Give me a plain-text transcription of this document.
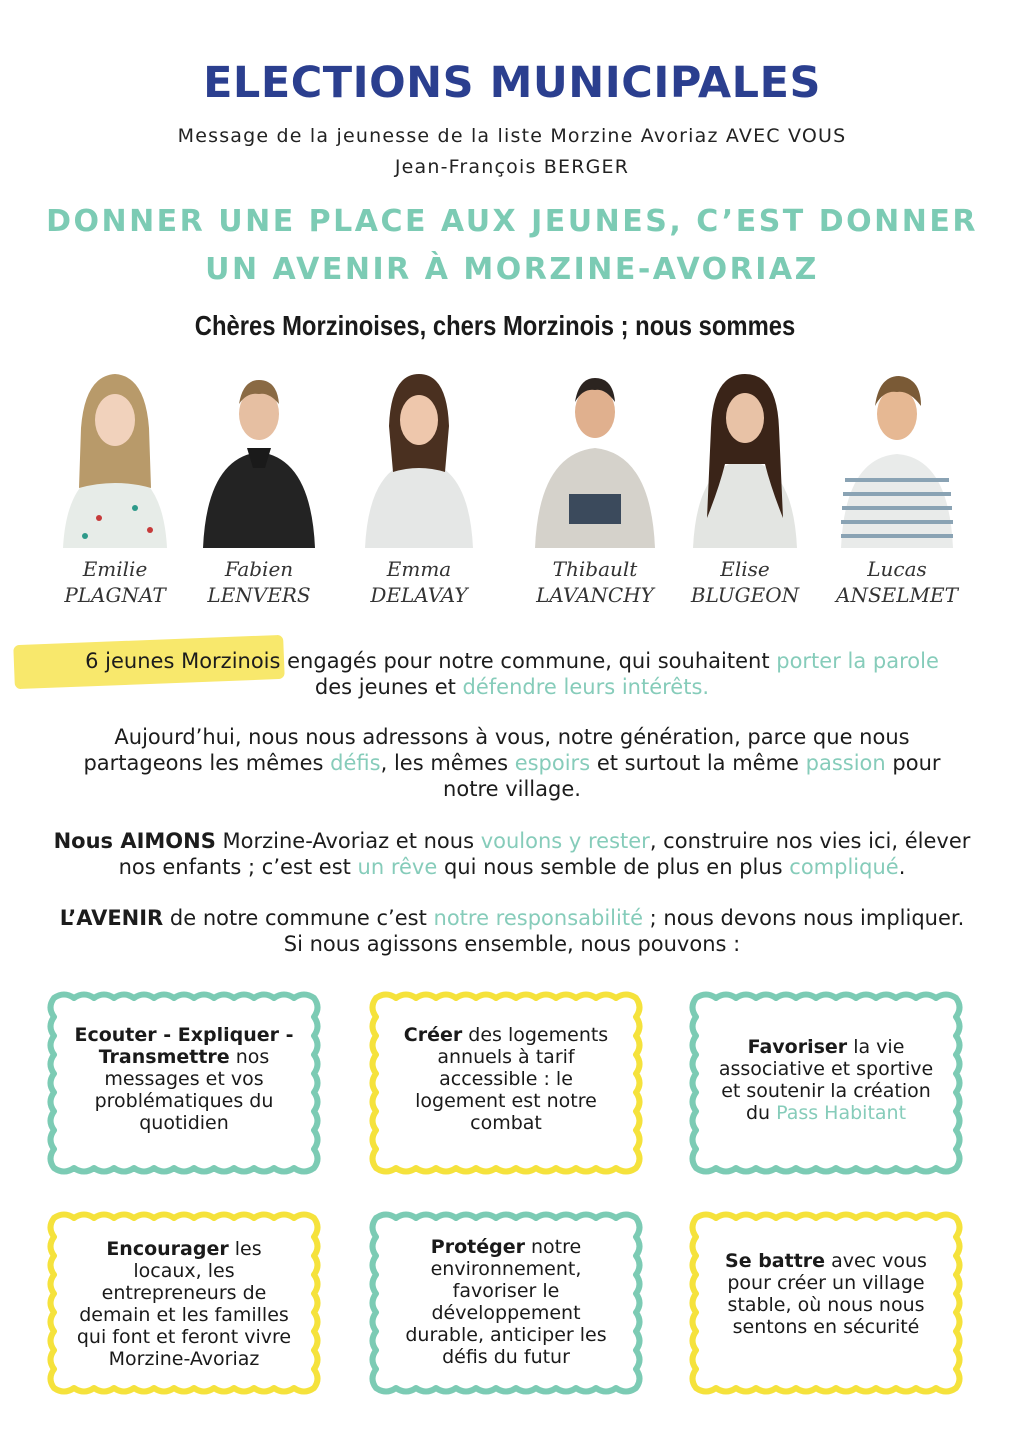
ELECTIONS MUNICIPALES
Message de la jeunesse de la liste Morzine Avoriaz AVEC VOUS
Jean-François BERGER
DONNER UNE PLACE AUX JEUNES, C’EST DONNER
UN AVENIR À MORZINE-AVORIAZ
Chères Morzinoises, chers Morzinois ; nous sommes
Emilie
PLAGNAT
Fabien
LENVERS
Emma
DELAVAY
Thibault
LAVANCHY
Elise
BLUGEON
Lucas
ANSELMET
6 jeunes Morzinois engagés pour notre commune, qui souhaitent porter la parole
des jeunes et défendre leurs intérêts.
Aujourd’hui, nous nous adressons à vous, notre génération, parce que nous
partageons les mêmes défis, les mêmes espoirs et surtout la même passion pour
notre village.
Nous AIMONS Morzine-Avoriaz et nous voulons y rester, construire nos vies ici, élever
nos enfants ; c’est est un rêve qui nous semble de plus en plus compliqué.
L’AVENIR de notre commune c’est notre responsabilité ; nous devons nous impliquer.
Si nous agissons ensemble, nous pouvons :
Ecouter - Expliquer - Transmettre nos messages et vos problématiques du quotidien
Créer des logements annuels à tarif accessible : le logement est notre combat
Favoriser la vie associative et sportive et soutenir la création du Pass Habitant
Encourager les locaux, les entrepreneurs de demain et les familles qui font et feront vivre Morzine-Avoriaz
Protéger notre environnement, favoriser le développement durable, anticiper les défis du futur
Se battre avec vous pour créer un village stable, où nous nous sentons en sécurité
